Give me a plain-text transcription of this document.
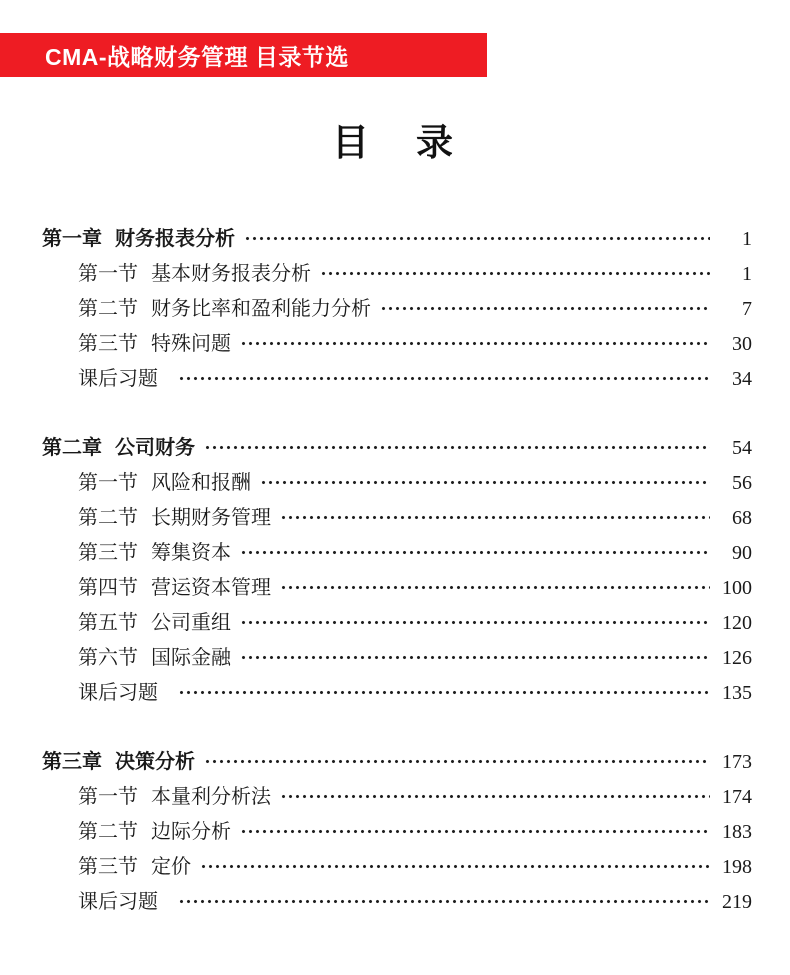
CMA-战略财务管理 目录节选
目　录
第一章 财务报表分析	1
第一节 基本财务报表分析	1
第二节 财务比率和盈利能力分析	7
第三节 特殊问题	30
课后习题	34
第二章 公司财务	54
第一节 风险和报酬	56
第二节 长期财务管理	68
第三节 筹集资本	90
第四节 营运资本管理	100
第五节 公司重组	120
第六节 国际金融	126
课后习题	135
第三章 决策分析	173
第一节 本量利分析法	174
第二节 边际分析	183
第三节 定价	198
课后习题	219
